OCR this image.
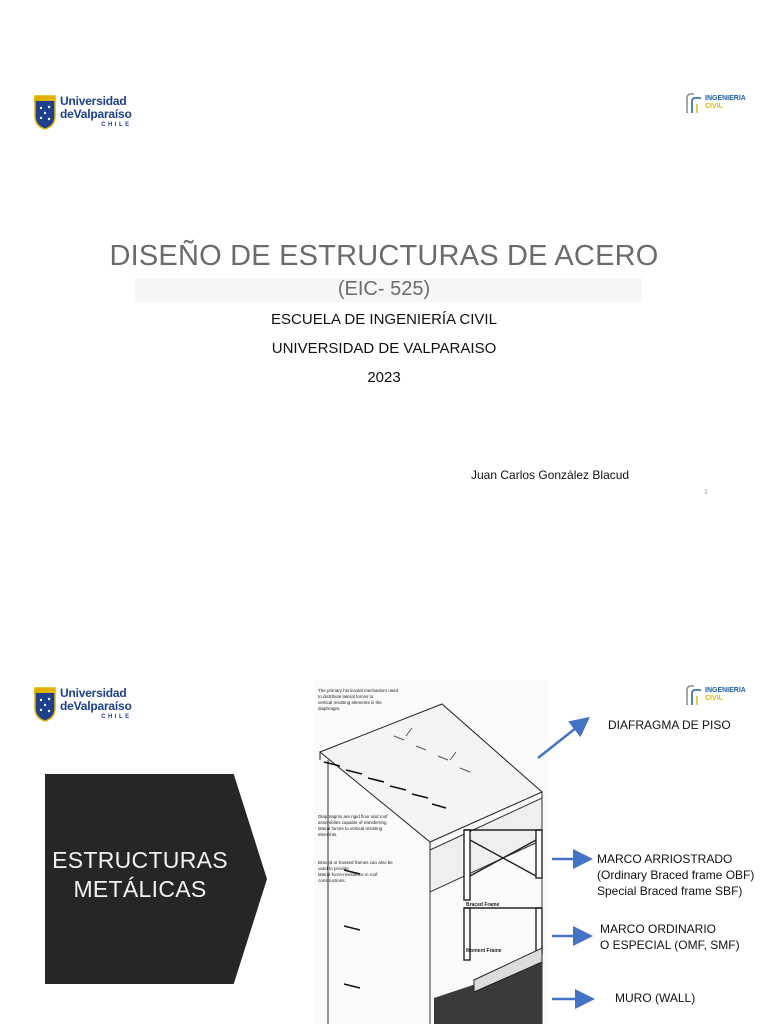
Universidad
deValparaíso
CHILE
INGENIERIA
CIVIL
DISEÑO DE ESTRUCTURAS DE ACERO
(EIC- 525)
ESCUELA DE INGENIERÍA CIVIL
UNIVERSIDAD DE VALPARAISO
2023
Juan Carlos González Blacud
1
Universidad
deValparaíso
CHILE
INGENIERIA
CIVIL
ESTRUCTURAS
METÁLICAS
The primary horizontal mechanism used to distribute lateral forces to vertical resisting elements is the diaphragm.
Diaphragms are rigid floor and roof assemblies capable of transferring lateral forces to vertical resisting elements.
Braced or trussed frames can also be used to provide lateral-force-resistance in roof constructions.
Moment Frame
Braced Frame
DIAFRAGMA DE PISO
MARCO ARRIOSTRADO
(Ordinary Braced frame OBF)
Special Braced frame SBF)
MARCO ORDINARIO
O ESPECIAL (OMF, SMF)
MURO (WALL)
